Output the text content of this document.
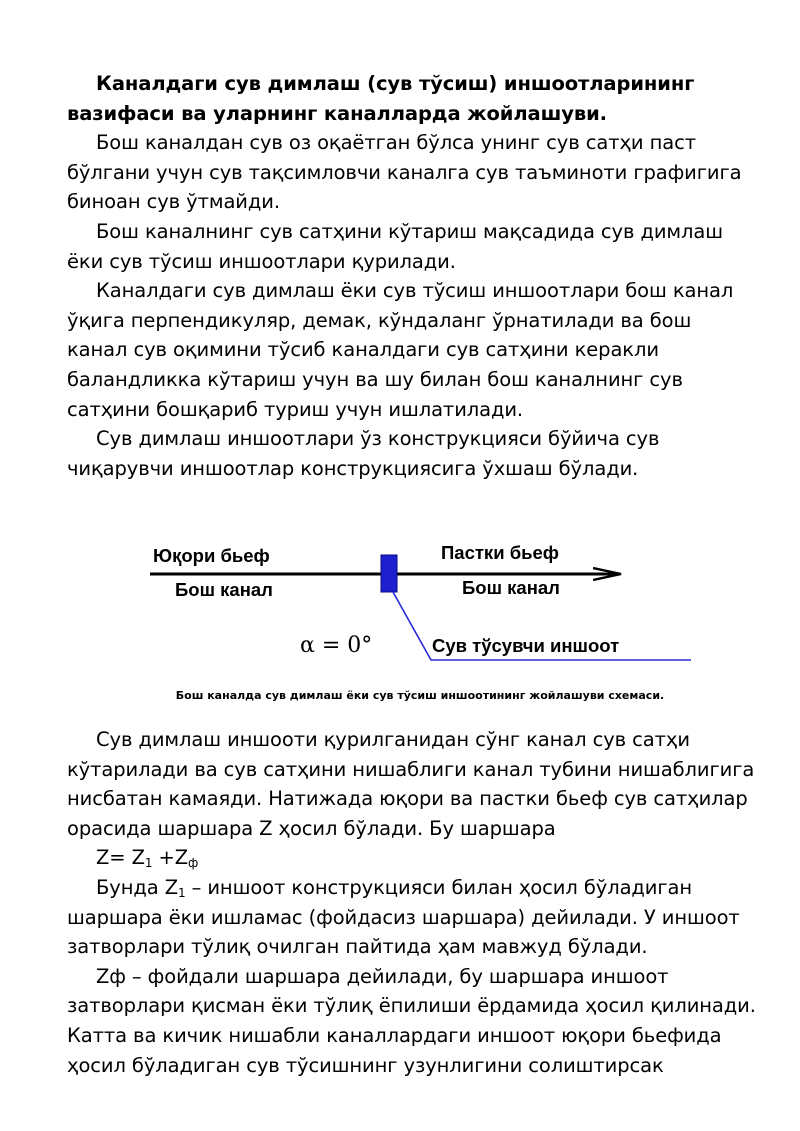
Каналдаги сув димлаш (сув тўсиш) иншоотларининг вазифаси ва уларнинг каналларда жойлашуви.

Бош каналдан сув оз оқаётган бўлса унинг сув сатҳи паст бўлгани учун сув тақсимловчи каналга сув таъминоти графигига биноан сув ўтмайди.

Бош каналнинг сув сатҳини кўтариш мақсадида сув димлаш ёки сув тўсиш иншоотлари қурилади.

Каналдаги сув димлаш ёки сув тўсиш иншоотлари бош канал ўқига перпендикуляр, демак, кўндаланг ўрнатилади ва бош канал сув оқимини тўсиб каналдаги сув сатҳини керакли баландликка кўтариш учун ва шу билан бош каналнинг сув сатҳини бошқариб туриш учун ишлатилади.

Сув димлаш иншоотлари ўз конструкцияси бўйича сув чиқарувчи иншоотлар конструкциясига ўхшаш бўлади.

Юқори бьеф	Пастки бьеф
Бош канал	Бош канал
α = 0°	Сув тўсувчи иншоот
Бош каналда сув димлаш ёки сув тўсиш иншоотининг жойлашуви схемаси.

Сув димлаш иншооти қурилганидан сўнг канал сув сатҳи кўтарилади ва сув сатҳини нишаблиги канал тубини нишаблигига нисбатан камаяди. Натижада юқори ва пастки бьеф сув сатҳилар орасида шаршара Z ҳосил бўлади. Бу шаршара

$Z= Z_1 +Z_ф$

Бунда $Z_1$ – иншоот конструкцияси билан ҳосил бўладиган шаршара ёки ишламас (фойдасиз шаршара) дейилади. У иншоот затворлари тўлиқ очилган пайтида ҳам мавжуд бўлади.

Zф – фойдали шаршара дейилади, бу шаршара иншоот затворлари қисман ёки тўлиқ ёпилиши ёрдамида ҳосил қилинади. Катта ва кичик нишабли каналлардаги иншоот юқори бьефида ҳосил бўладиган сув тўсишнинг узунлигини солиштирсак
